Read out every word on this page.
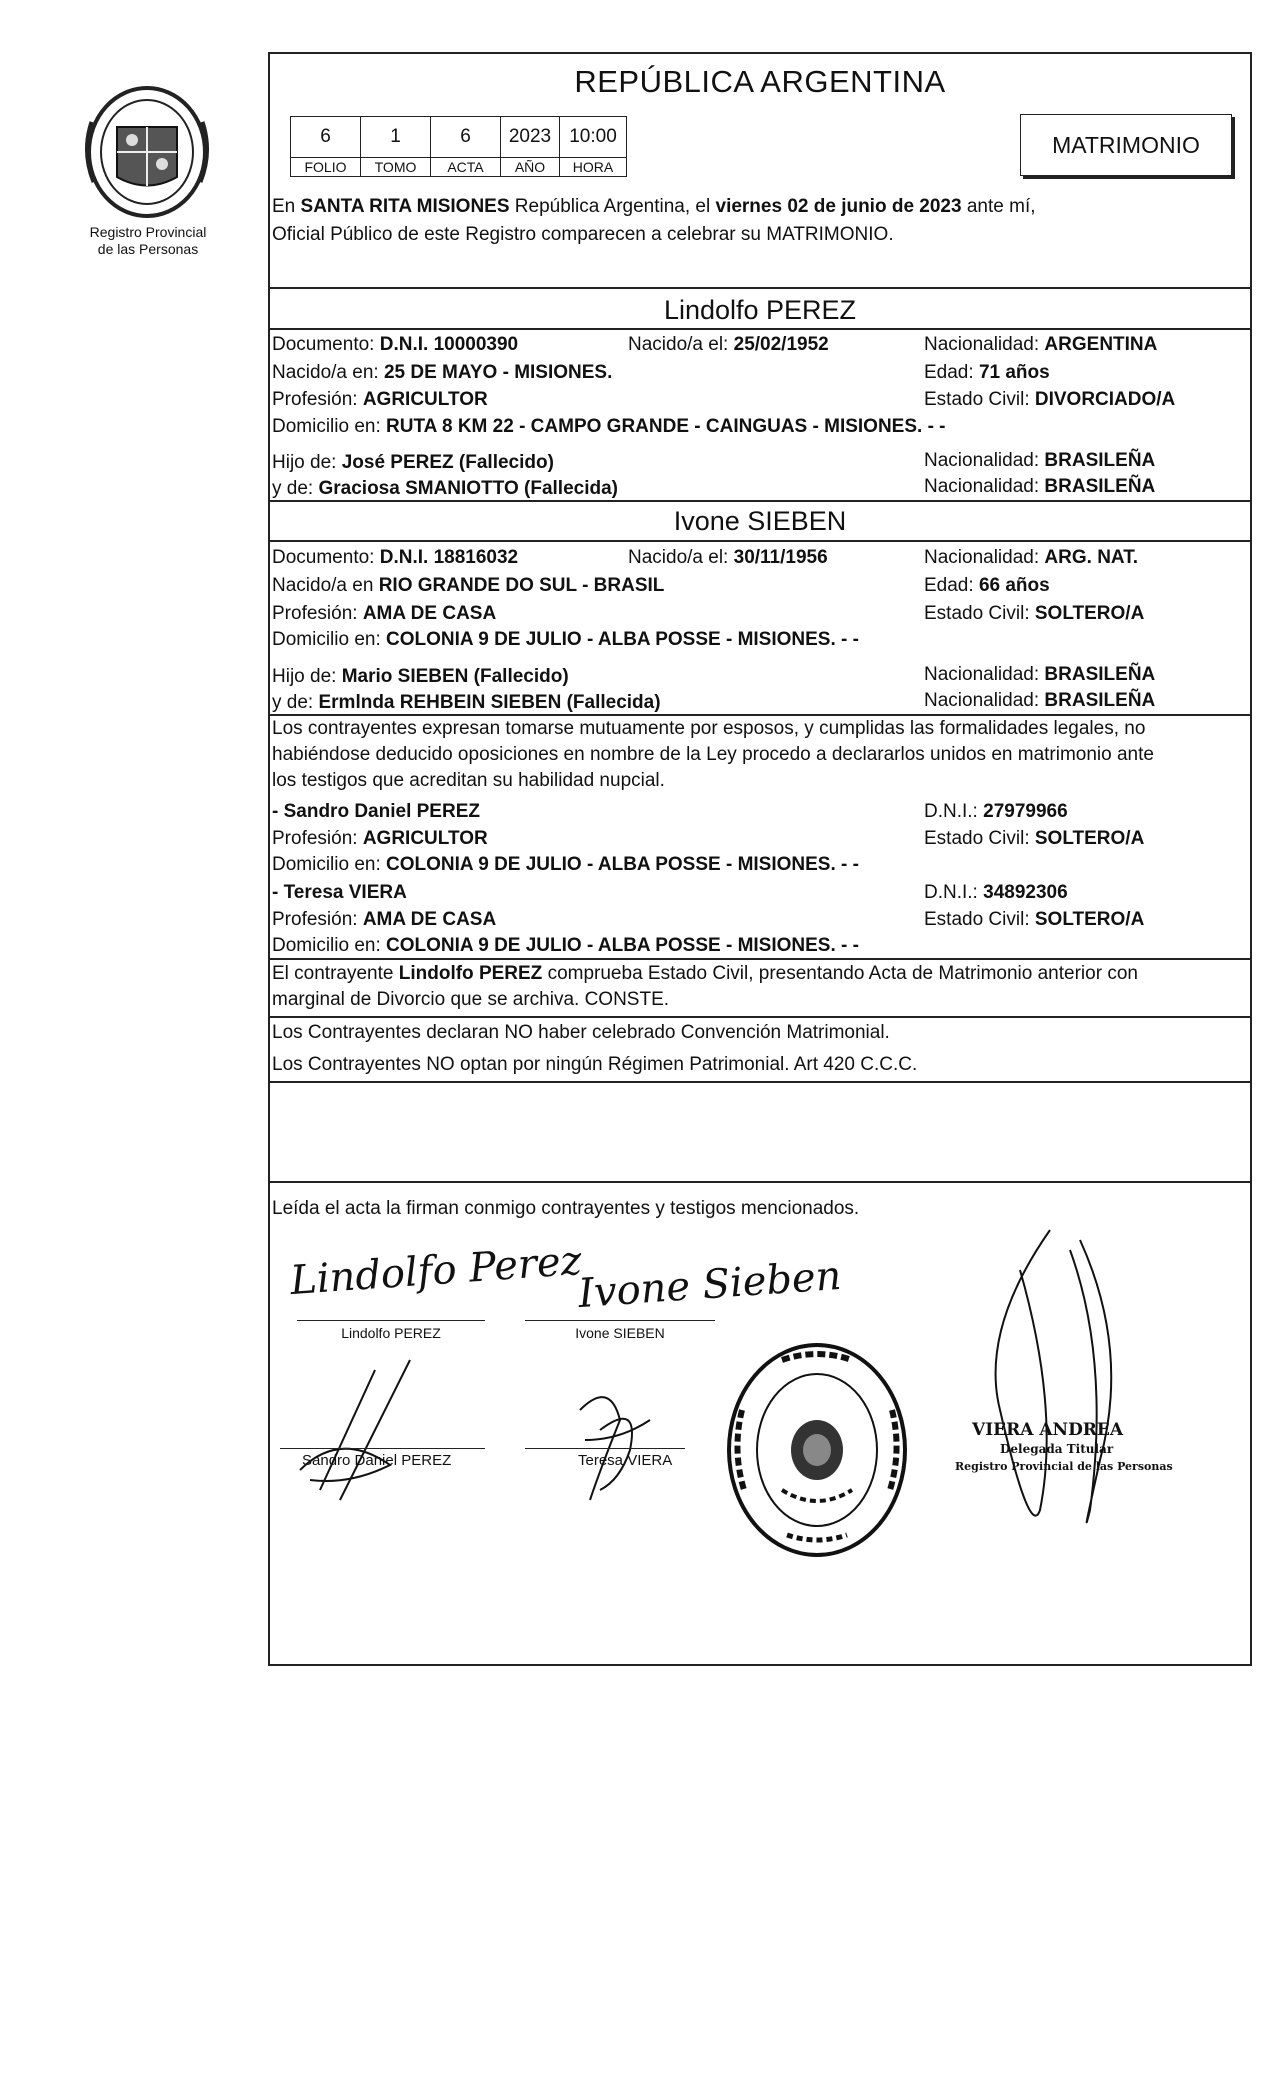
Registro Provincial
de las Personas
REPÚBLICA ARGENTINA
6	1	6	2023	10:00
FOLIO	TOMO	ACTA	AÑO	HORA
MATRIMONIO
En SANTA RITA MISIONES República Argentina, el viernes 02 de junio de 2023 ante mí,
Oficial Público de este Registro comparecen a celebrar su MATRIMONIO.
Lindolfo PEREZ
Documento: D.N.I. 10000390	Nacido/a el: 25/02/1952	Nacionalidad: ARGENTINA
Nacido/a en: 25 DE MAYO - MISIONES.	Edad: 71 años
Profesión: AGRICULTOR	Estado Civil: DIVORCIADO/A
Domicilio en: RUTA 8 KM 22 - CAMPO GRANDE - CAINGUAS - MISIONES. - -
Hijo de: José PEREZ (Fallecido)	Nacionalidad: BRASILEÑA
y de: Graciosa SMANIOTTO (Fallecida)	Nacionalidad: BRASILEÑA
Ivone SIEBEN
Documento: D.N.I. 18816032	Nacido/a el: 30/11/1956	Nacionalidad: ARG. NAT.
Nacido/a en RIO GRANDE DO SUL - BRASIL	Edad: 66 años
Profesión: AMA DE CASA	Estado Civil: SOLTERO/A
Domicilio en: COLONIA 9 DE JULIO - ALBA POSSE - MISIONES. - -
Hijo de: Mario SIEBEN (Fallecido)	Nacionalidad: BRASILEÑA
y de: Ermlnda REHBEIN SIEBEN (Fallecida)	Nacionalidad: BRASILEÑA
Los contrayentes expresan tomarse mutuamente por esposos, y cumplidas las formalidades legales, no
habiéndose deducido oposiciones en nombre de la Ley procedo a declararlos unidos en matrimonio ante
los testigos que acreditan su habilidad nupcial.
- Sandro Daniel PEREZ	D.N.I.: 27979966
Profesión: AGRICULTOR	Estado Civil: SOLTERO/A
Domicilio en: COLONIA 9 DE JULIO - ALBA POSSE - MISIONES. - -
- Teresa VIERA	D.N.I.: 34892306
Profesión: AMA DE CASA	Estado Civil: SOLTERO/A
Domicilio en: COLONIA 9 DE JULIO - ALBA POSSE - MISIONES. - -
El contrayente Lindolfo PEREZ comprueba Estado Civil, presentando Acta de Matrimonio anterior con
marginal de Divorcio que se archiva. CONSTE.
Los Contrayentes declaran NO haber celebrado Convención Matrimonial.
Los Contrayentes NO optan por ningún Régimen Patrimonial. Art 420 C.C.C.
Leída el acta la firman conmigo contrayentes y testigos mencionados.
Lindolfo Perez
Ivone Sieben
Lindolfo PEREZ	Ivone SIEBEN
Sandro Daniel PEREZ	Teresa VIERA
VIERA ANDREA
Delegada Titular
Registro Provincial de las Personas
